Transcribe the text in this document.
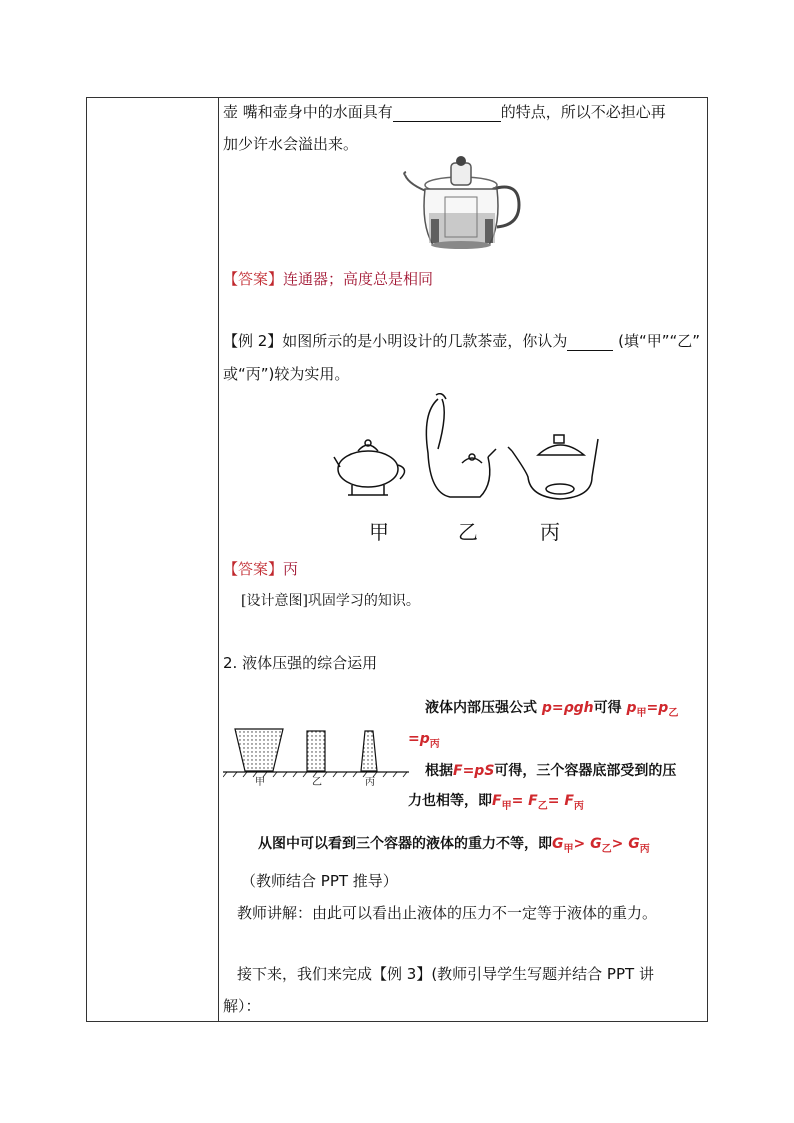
壶 嘴和壶身中的水面具有	的特点，所以不必担心再
加少许水会溢出来。
【答案】连通器；高度总是相同
【例 2】如图所示的是小明设计的几款茶壶，你认为	(填“甲”“乙”
或“丙”)较为实用。
甲	乙	丙
【答案】丙
[设计意图]巩固学习的知识。
2. 液体压强的综合运用
甲	乙	丙
液体内部压强公式 p=ρgh可得 $p_甲=p_乙$
$=p_丙$
根据F=pS可得，三个容器底部受到的压
力也相等，即$F_甲= F_乙= F_丙$
从图中可以看到三个容器的液体的重力不等，即$G_甲> G_乙> G_丙$
（教师结合 PPT 推导）
教师讲解：由此可以看出止液体的压力不一定等于液体的重力。
接下来，我们来完成【例 3】(教师引导学生写题并结合 PPT 讲
解）：
